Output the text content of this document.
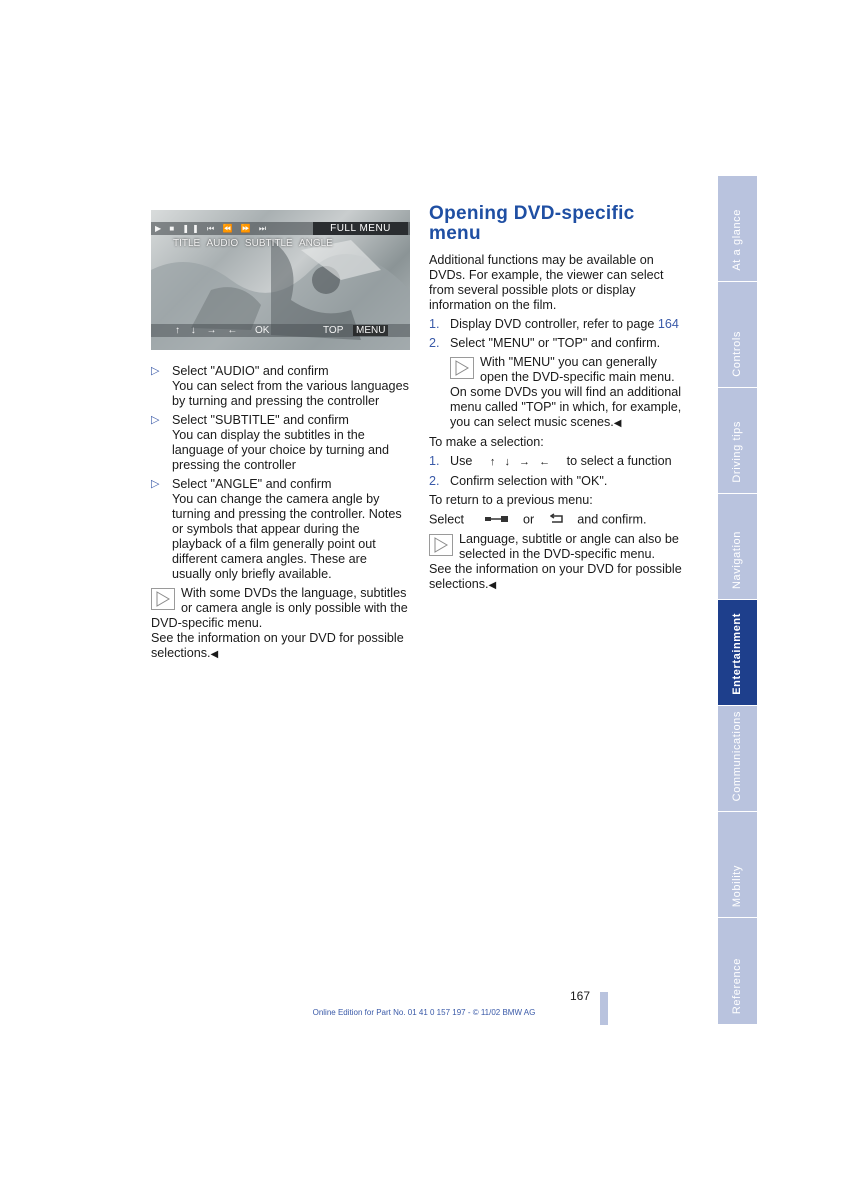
▶ ■ ❚❚ ⏮ ⏪ ⏩ ⏭	FULL MENU
TITLE AUDIO SUBTITLE ANGLE
↑ ↓ → ← OK	TOP	MENU
▷ Select "AUDIO" and confirm

You can select from the various languages by turning and pressing the controller

▷ Select "SUBTITLE" and confirm

You can display the subtitles in the language of your choice by turning and pressing the controller

▷ Select "ANGLE" and confirm

You can change the camera angle by turning and pressing the controller. Notes or symbols that appear during the playback of a film generally point out different camera angles. These are usually only briefly available.

With some DVDs the language, subtitles or camera angle is only possible with the DVD-specific menu.

See the information on your DVD for possible selections.◀

Opening DVD-specific menu

Additional functions may be available on DVDs. For example, the viewer can select from several possible plots or display information on the film.

1. Display DVD controller, refer to page 164

2. Select "MENU" or "TOP" and confirm.

With "MENU" you can generally open the DVD-specific main menu. On some DVDs you will find an additional menu called "TOP" in which, for example, you can select music scenes.◀

To make a selection:

1. Use ↑ ↓ → ← to select a function

2. Confirm selection with "OK".

To return to a previous menu:

Select	or	and confirm.

Language, subtitle or angle can also be selected in the DVD-specific menu.

See the information on your DVD for possible selections.◀

At a glance
Controls
Driving tips
Navigation
Entertainment
Communications
Mobility
Reference
167
Online Edition for Part No. 01 41 0 157 197 - © 11/02 BMW AG
